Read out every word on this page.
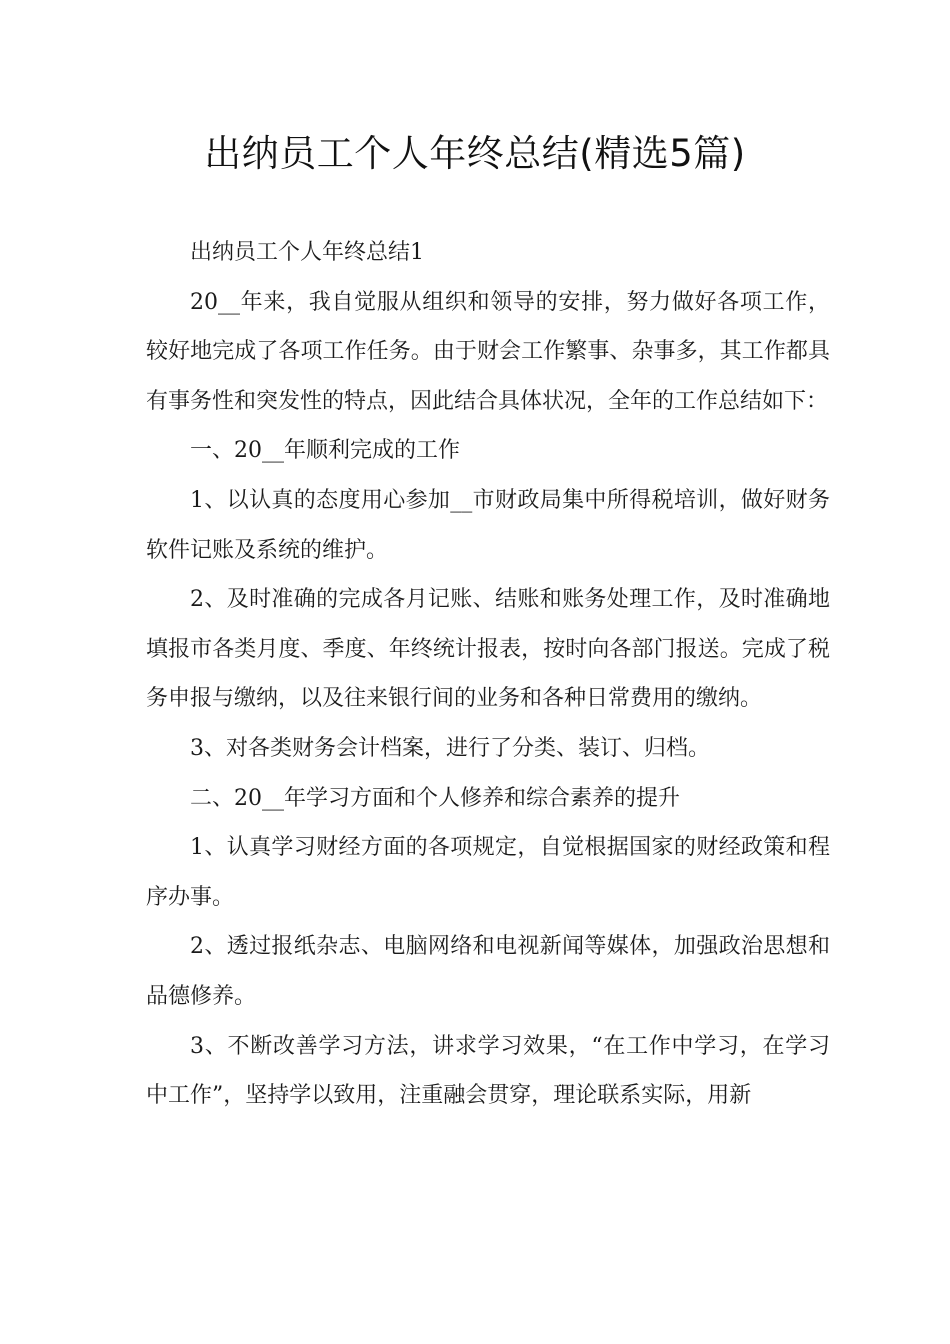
出纳员工个人年终总结(精选5篇)

出纳员工个人年终总结1

20__年来，我自觉服从组织和领导的安排，努力做好各项工作，较好地完成了各项工作任务。由于财会工作繁事、杂事多，其工作都具有事务性和突发性的特点，因此结合具体状况，全年的工作总结如下：

一、20__年顺利完成的工作

1、以认真的态度用心参加__市财政局集中所得税培训，做好财务软件记账及系统的维护。

2、及时准确的完成各月记账、结账和账务处理工作，及时准确地填报市各类月度、季度、年终统计报表，按时向各部门报送。完成了税务申报与缴纳，以及往来银行间的业务和各种日常费用的缴纳。

3、对各类财务会计档案，进行了分类、装订、归档。

二、20__年学习方面和个人修养和综合素养的提升

1、认真学习财经方面的各项规定，自觉根据国家的财经政策和程序办事。

2、透过报纸杂志、电脑网络和电视新闻等媒体，加强政治思想和品德修养。

3、不断改善学习方法，讲求学习效果，“在工作中学习，在学习中工作”，坚持学以致用，注重融会贯穿，理论联系实际，用新
